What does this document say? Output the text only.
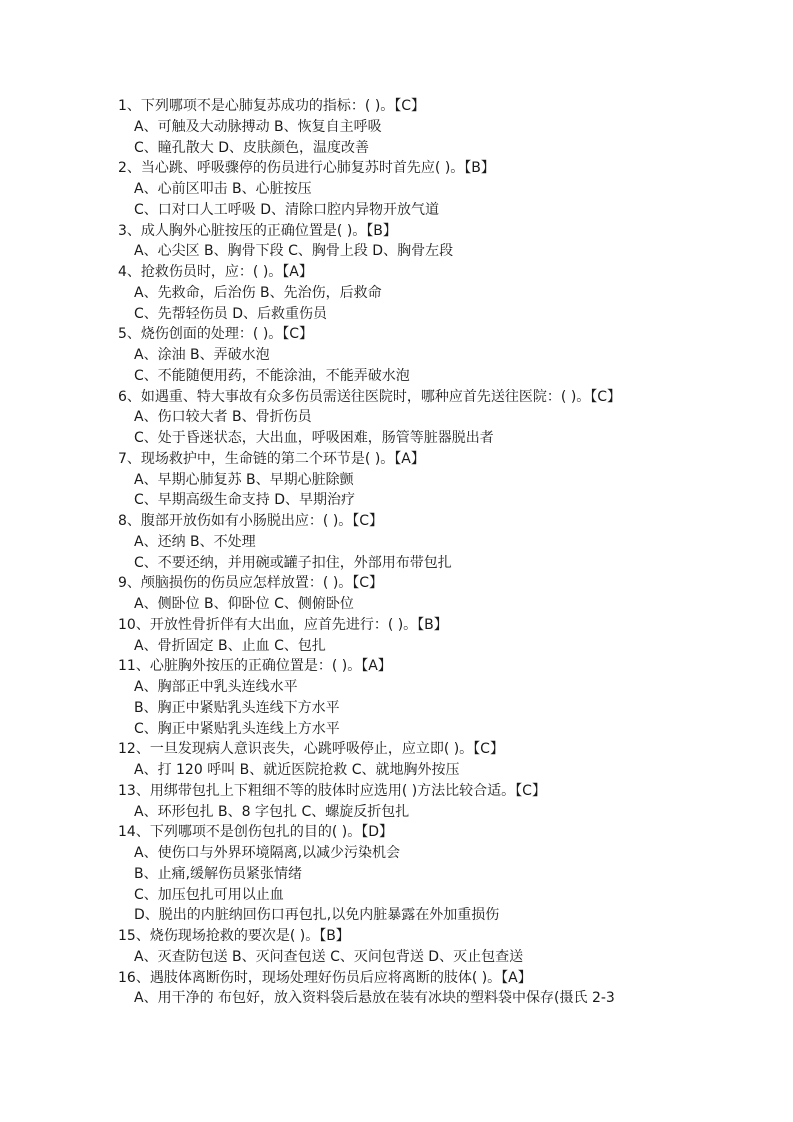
1、下列哪项不是心肺复苏成功的指标：( )。【C】
A、可触及大动脉搏动 B、恢复自主呼吸
C、瞳孔散大 D、皮肤颜色，温度改善
2、当心跳、呼吸骤停的伤员进行心肺复苏时首先应( )。【B】
A、心前区叩击 B、心脏按压
C、口对口人工呼吸 D、清除口腔内异物开放气道
3、成人胸外心脏按压的正确位置是( )。【B】
A、心尖区 B、胸骨下段 C、胸骨上段 D、胸骨左段
4、抢救伤员时，应：( )。【A】
A、先救命，后治伤 B、先治伤，后救命
C、先帮轻伤员 D、后救重伤员
5、烧伤创面的处理：( )。【C】
A、涂油 B、弄破水泡
C、不能随便用药，不能涂油，不能弄破水泡
6、如遇重、特大事故有众多伤员需送往医院时，哪种应首先送往医院：( )。【C】
A、伤口较大者 B、骨折伤员
C、处于昏迷状态，大出血，呼吸困难，肠管等脏器脱出者
7、现场救护中，生命链的第二个环节是( )。【A】
A、早期心肺复苏 B、早期心脏除颤
C、早期高级生命支持 D、早期治疗
8、腹部开放伤如有小肠脱出应：( )。【C】
A、还纳 B、不处理
C、不要还纳，并用碗或罐子扣住，外部用布带包扎
9、颅脑损伤的伤员应怎样放置：( )。【C】
A、侧卧位 B、仰卧位 C、侧俯卧位
10、开放性骨折伴有大出血，应首先进行：( )。【B】
A、骨折固定 B、止血 C、包扎
11、心脏胸外按压的正确位置是：( )。【A】
A、胸部正中乳头连线水平
B、胸正中紧贴乳头连线下方水平
C、胸正中紧贴乳头连线上方水平
12、一旦发现病人意识丧失，心跳呼吸停止，应立即( )。【C】
A、打 120 呼叫 B、就近医院抢救 C、就地胸外按压
13、用绑带包扎上下粗细不等的肢体时应选用( )方法比较合适。【C】
A、环形包扎 B、8 字包扎 C、螺旋反折包扎
14、下列哪项不是创伤包扎的目的( )。【D】
A、使伤口与外界环境隔离,以减少污染机会
B、止痛,缓解伤员紧张情绪
C、加压包扎可用以止血
D、脱出的内脏纳回伤口再包扎,以免内脏暴露在外加重损伤
15、烧伤现场抢救的要次是( )。【B】
A、灭查防包送 B、灭问查包送 C、灭问包背送 D、灭止包查送
16、遇肢体离断伤时，现场处理好伤员后应将离断的肢体( )。【A】
A、用干净的 布包好，放入资料袋后悬放在装有冰块的塑料袋中保存(摄氏 2-3
